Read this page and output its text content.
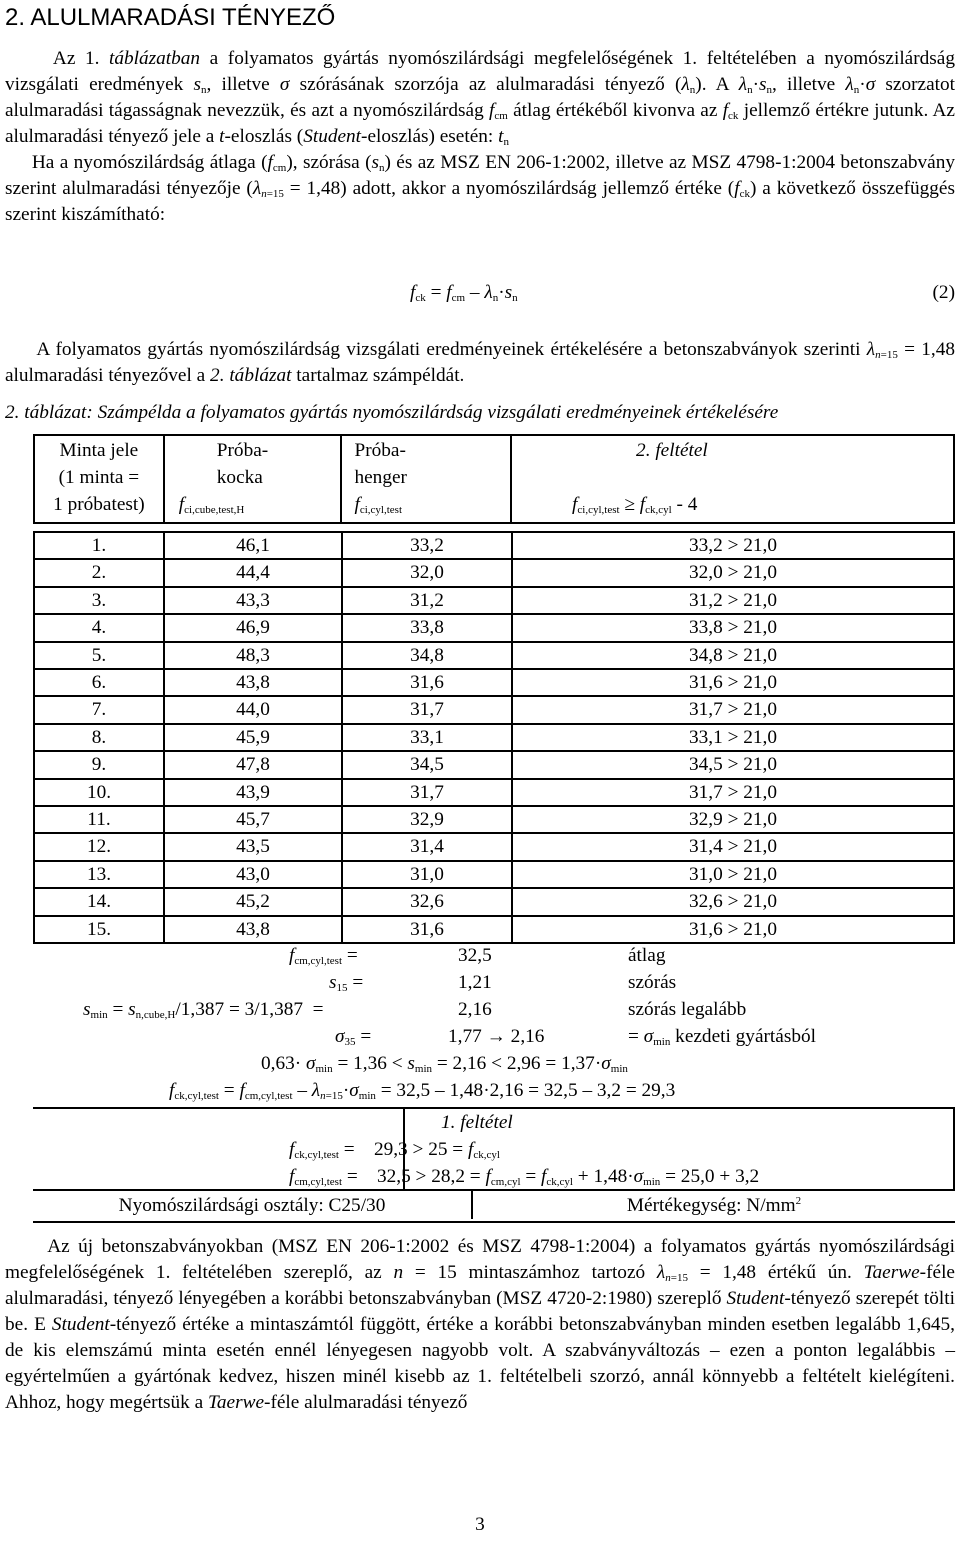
2. ALULMARADÁSI TÉNYEZŐ

Az 1. táblázatban a folyamatos gyártás nyomószilárdsági megfelelőségének 1. feltételében a nyomószilárdság vizsgálati eredmények $s_n$, illetve σ szórásának szorzója az alulmaradási tényező $(\lambda_n)$. A $\lambda_n\cdot s_n$, illetve $\lambda_n\cdot\sigma$ szorzatot alulmaradási tágasságnak nevezzük, és azt a nyomószilárdság $f_{cm}$ átlag értékéből kivonva az $f_{ck}$ jellemző értékre jutunk. Az alulmaradási tényező jele a t-eloszlás (Student-eloszlás) esetén: $t_n$

Ha a nyomószilárdság átlaga $(f_{cm})$, szórása $(s_n)$ és az MSZ EN 206-1:2002, illetve az MSZ 4798-1:2004 betonszabvány szerint alulmaradási tényezője $(\lambda_{n=15} = 1,48)$ adott, akkor a nyomószilárdság jellemző értéke $(f_{ck})$ a következő összefüggés szerint kiszámítható:

$f_{ck} = f_{cm} - \lambda_n\cdot s_n$	(2)

A folyamatos gyártás nyomószilárdság vizsgálati eredményeinek értékelésére a betonszabványok szerinti $\lambda_{n=15} = 1,48$ alulmaradási tényezővel a 2. táblázat tartalmaz számpéldát.

2. táblázat: Számpélda a folyamatos gyártás nyomószilárdság vizsgálati eredményeinek értékelésére
Minta jele
(1 minta =
1 próbatest)

Próba-
kocka
$f_{ci,cube,test,H}$

Próba-
henger
$f_{ci,cyl,test}$

2. feltétel

$f_{ci,cyl,test} \ge f_{ck,cyl} - 4$

1.	46,1	33,2	33,2 > 21,0
2.	44,4	32,0	32,0 > 21,0
3.	43,3	31,2	31,2 > 21,0
4.	46,9	33,8	33,8 > 21,0
5.	48,3	34,8	34,8 > 21,0
6.	43,8	31,6	31,6 > 21,0
7.	44,0	31,7	31,7 > 21,0
8.	45,9	33,1	33,1 > 21,0
9.	47,8	34,5	34,5 > 21,0
10.	43,9	31,7	31,7 > 21,0
11.	45,7	32,9	32,9 > 21,0
12.	43,5	31,4	31,4 > 21,0
13.	43,0	31,0	31,0 > 21,0
14.	45,2	32,6	32,6 > 21,0
15.	43,8	31,6	31,6 > 21,0
$f_{cm,cyl,test}$ =	32,5	átlag
$s_{15}$ =	1,21	szórás
$s_{min} = s_{n,cube,H}/1,387 = 3/1,387$  =	2,16	szórás legalább
$\sigma_{35}$ =	1,77 → 2,16	= $\sigma_{min}$ kezdeti gyártásból
$0,63\cdot \sigma_{min} = 1,36 < s_{min} = 2,16 < 2,96 = 1,37\cdot\sigma_{min}$
$f_{ck,cyl,test} = f_{cm,cyl,test} - \lambda_{n=15}\cdot\sigma_{min} = 32,5 - 1,48\cdot 2,16 = 32,5 - 3,2 = 29,3$
1. feltétel
$f_{ck,cyl,test}$ =    $29,3 > 25 = f_{ck,cyl}$
$f_{cm,cyl,test}$ =    $32,5 > 28,2 = f_{cm,cyl} = f_{ck,cyl} + 1,48\cdot\sigma_{min} = 25,0 + 3,2$
Nyomószilárdsági osztály: C25/30	Mértékegység: $N/mm^2$

Az új betonszabványokban (MSZ EN 206-1:2002 és MSZ 4798-1:2004) a folyamatos gyártás nyomószilárdsági megfelelőségének 1. feltételében szereplő, az n = 15 mintaszámhoz tartozó $\lambda_{n=15} = 1,48$ értékű ún. Taerwe-féle alulmaradási, tényező lényegében a korábbi betonszabványban (MSZ 4720-2:1980) szereplő Student-tényező szerepét tölti be. E Student-tényező értéke a mintaszámtól függött, értéke a korábbi betonszabványban minden esetben legalább 1,645, de kis elemszámú minta esetén ennél lényegesen nagyobb volt. A szabványváltozás – ezen a ponton legalábbis – egyértelműen a gyártónak kedvez, hiszen minél kisebb az 1. feltételbeli szorzó, annál könnyebb a feltételt kielégíteni. Ahhoz, hogy megértsük a Taerwe-féle alulmaradási tényező

3
